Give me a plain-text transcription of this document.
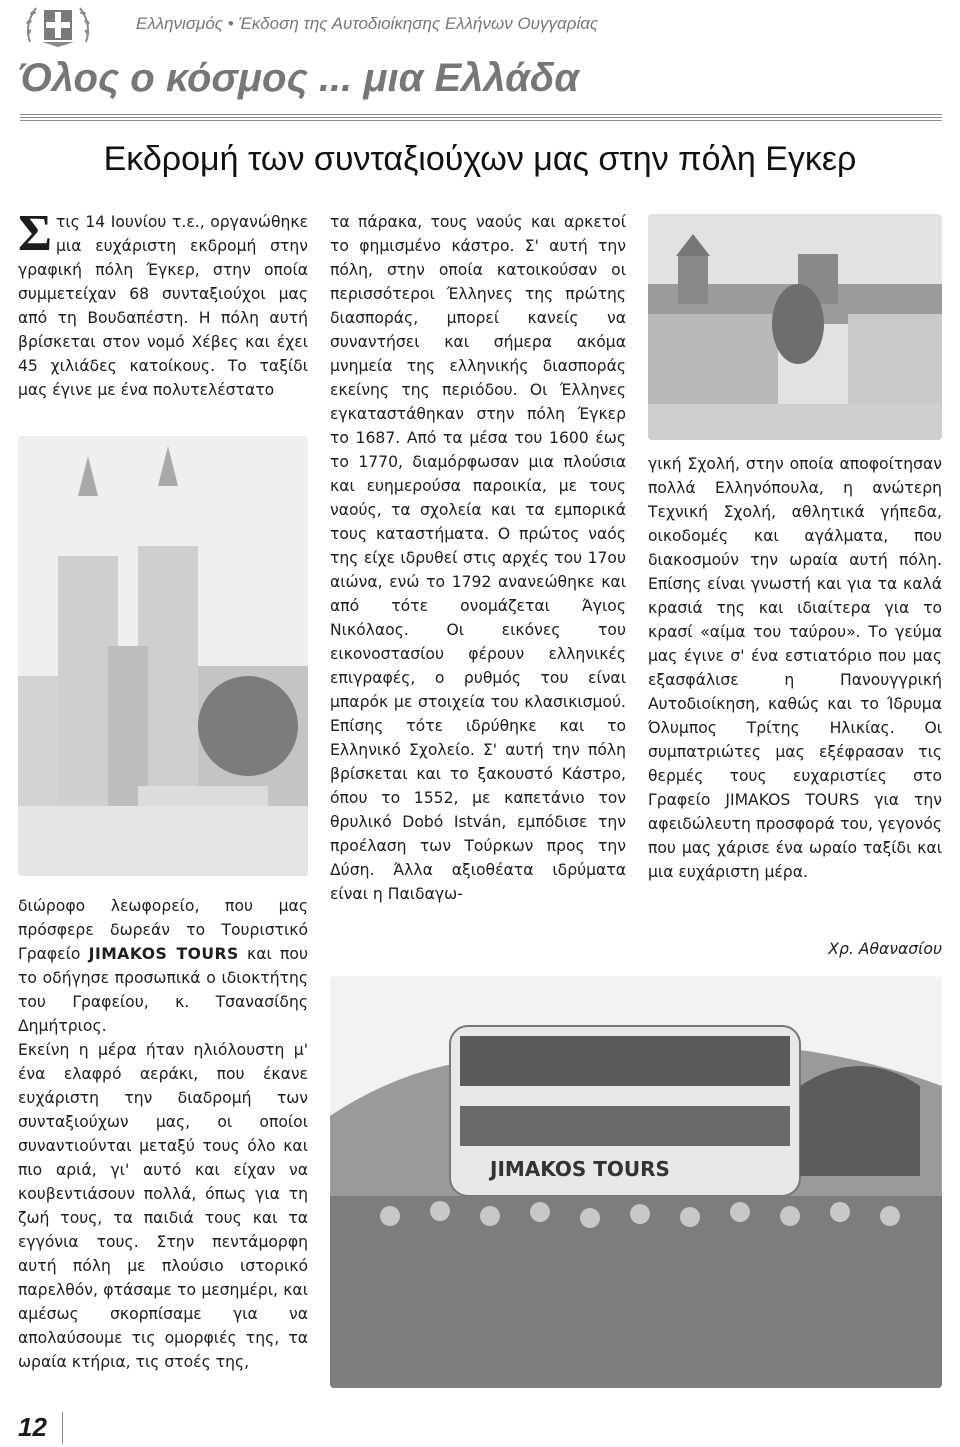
Ελληνισμός • Έκδοση της Αυτοδιοίκησης Ελλήνων Ουγγαρίας
Όλος ο κόσμος ... μια Ελλάδα
Εκδρομή των συνταξιούχων μας στην πόλη Εγκερ

Στις 14 Ιουνίου τ.ε., οργανώθηκε μια ευχάριστη εκδρομή στην γραφική πόλη Έγκερ, στην οποία συμμετείχαν 68 συνταξιούχοι μας από τη Βουδαπέστη. Η πόλη αυτή βρίσκεται στον νομό Χέβες και έχει 45 χιλιάδες κατοίκους. Το ταξίδι μας έγινε με ένα πολυτελέστατο

διώροφο λεωφορείο, που μας πρόσφερε δωρεάν το Τουριστικό Γραφείο JIMAKOS TOURS και που το οδήγησε προσωπικά ο ιδιοκτήτης του Γραφείου, κ. Τσανασίδης Δημήτριος.

Εκείνη η μέρα ήταν ηλιόλουστη μ' ένα ελαφρό αεράκι, που έκανε ευχάριστη την διαδρομή των συνταξιούχων μας, οι οποίοι συναντιούνται μεταξύ τους όλο και πιο αριά, γι' αυτό και είχαν να κουβεντιάσουν πολλά, όπως για τη ζωή τους, τα παιδιά τους και τα εγγόνια τους. Στην πεντάμορφη αυτή πόλη με πλούσιο ιστορικό παρελθόν, φτάσαμε το μεσημέρι, και αμέσως σκορπίσαμε για να απολαύσουμε τις ομορφιές της, τα ωραία κτήρια, τις στοές της,

τα πάρακα, τους ναούς και αρκετοί το φημισμένο κάστρο. Σ' αυτή την πόλη, στην οποία κατοικούσαν οι περισσότεροι Έλληνες της πρώτης διασποράς, μπορεί κανείς να συναντήσει και σήμερα ακόμα μνημεία της ελληνικής διασποράς εκείνης της περιόδου. Οι Έλληνες εγκαταστάθηκαν στην πόλη Έγκερ το 1687. Από τα μέσα του 1600 έως το 1770, διαμόρφωσαν μια πλούσια και ευημερούσα παροικία, με τους ναούς, τα σχολεία και τα εμπορικά τους καταστήματα. Ο πρώτος ναός της είχε ιδρυθεί στις αρχές του 17ου αιώνα, ενώ το 1792 ανανεώθηκε και από τότε ονομάζεται Άγιος Νικόλαος. Οι εικόνες του εικονοστασίου φέρουν ελληνικές επιγραφές, ο ρυθμός του είναι μπαρόκ με στοιχεία του κλασικισμού. Επίσης τότε ιδρύθηκε και το Ελληνικό Σχολείο. Σ' αυτή την πόλη βρίσκεται και το ξακουστό Κάστρο, όπου το 1552, με καπετάνιο τον θρυλικό Dobó István, εμπόδισε την προέλαση των Τούρκων προς την Δύση. Άλλα αξιοθέατα ιδρύματα είναι η Παιδαγω-

γική Σχολή, στην οποία αποφοίτησαν πολλά Ελληνόπουλα, η ανώτερη Τεχνική Σχολή, αθλητικά γήπεδα, οικοδομές και αγάλματα, που διακοσμούν την ωραία αυτή πόλη. Επίσης είναι γνωστή και για τα καλά κρασιά της και ιδιαίτερα για το κρασί «αίμα του ταύρου». Το γεύμα μας έγινε σ' ένα εστιατόριο που μας εξασφάλισε η Πανουγγρική Αυτοδιοίκηση, καθώς και το Ίδρυμα Όλυμπος Τρίτης Ηλικίας. Οι συμπατριώτες μας εξέφρασαν τις θερμές τους ευχαριστίες στο Γραφείο JIMAKOS TOURS για την αφειδώλευτη προσφορά του, γεγονός που μας χάρισε ένα ωραίο ταξίδι και μια ευχάριστη μέρα.

Χρ. Αθανασίου
JIMAKOS TOURS
12
